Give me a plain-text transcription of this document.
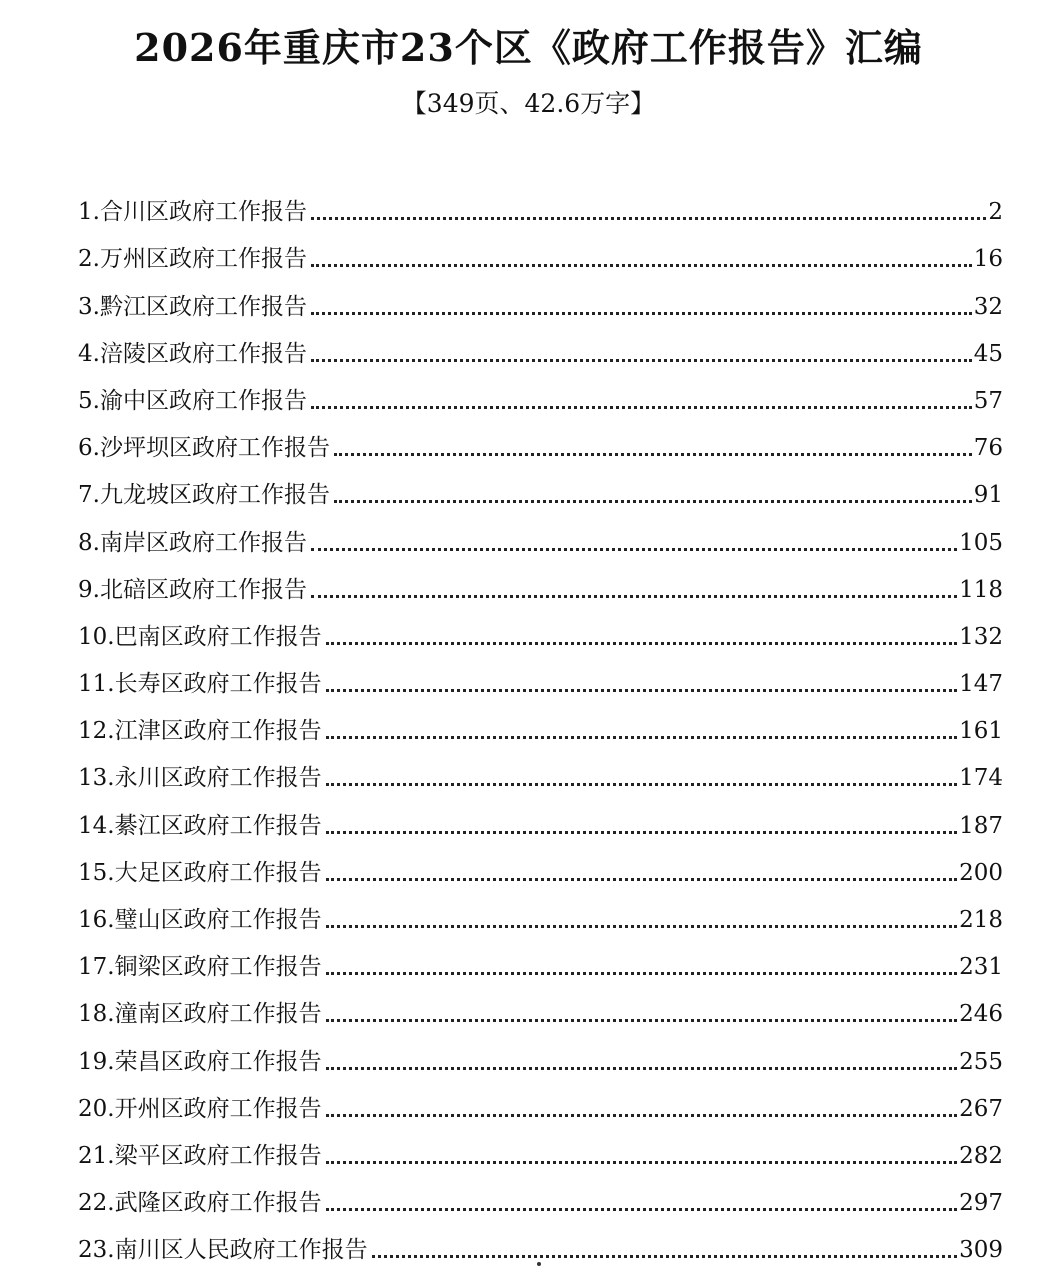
2026年重庆市23个区《政府工作报告》汇编
【349页、42.6万字】
1.合川区政府工作报告	2
2.万州区政府工作报告	16
3.黔江区政府工作报告	32
4.涪陵区政府工作报告	45
5.渝中区政府工作报告	57
6.沙坪坝区政府工作报告	76
7.九龙坡区政府工作报告	91
8.南岸区政府工作报告	105
9.北碚区政府工作报告	118
10.巴南区政府工作报告	132
11.长寿区政府工作报告	147
12.江津区政府工作报告	161
13.永川区政府工作报告	174
14.綦江区政府工作报告	187
15.大足区政府工作报告	200
16.璧山区政府工作报告	218
17.铜梁区政府工作报告	231
18.潼南区政府工作报告	246
19.荣昌区政府工作报告	255
20.开州区政府工作报告	267
21.梁平区政府工作报告	282
22.武隆区政府工作报告	297
23.南川区人民政府工作报告	309
